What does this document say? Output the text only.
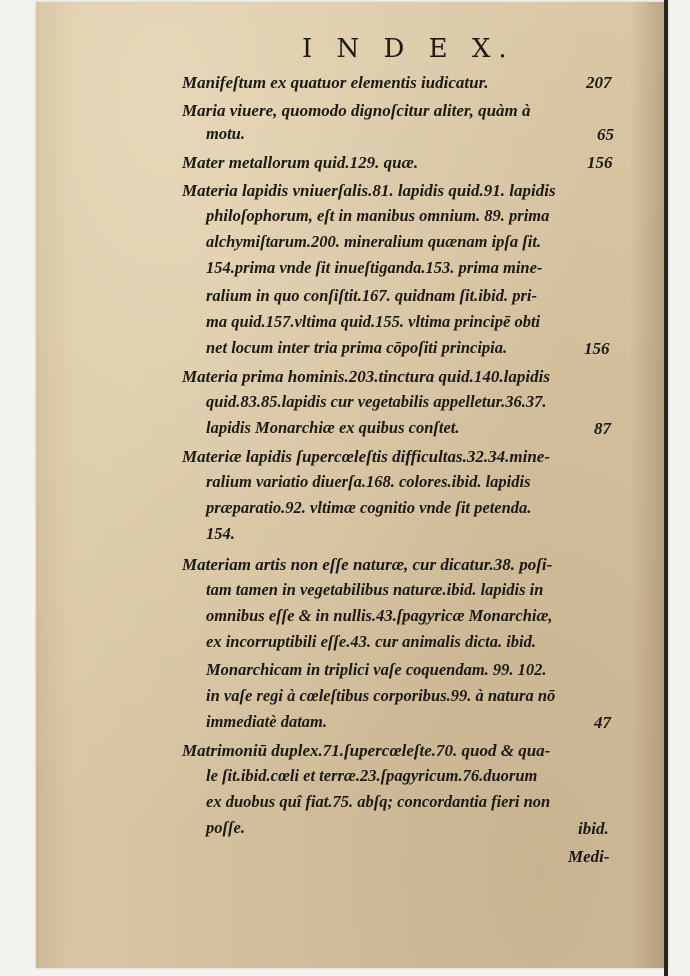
I N D E X.
Manifeſtum ex quatuor elementis iudicatur.	207
Maria viuere, quomodo dignoſcitur aliter, quàm à
motu.	65
Mater metallorum quid.129. quæ.	156
Materia lapidis vniuerſalis.81. lapidis quid.91. lapidis
philoſophorum, eſt in manibus omnium. 89. prima
alchymiſtarum.200. mineralium quænam ipſa ſit.
154.prima vnde ſit inueſtiganda.153. prima mine-
ralium in quo conſiſtit.167. quidnam ſit.ibid. pri-
ma quid.157.vltima quid.155. vltima principē obti
net locum inter tria prima cōpoſiti principia.	156
Materia prima hominis.203.tinctura quid.140.lapidis
quid.83.85.lapidis cur vegetabilis appelletur.36.37.
lapidis Monarchiæ ex quibus conſtet.	87
Materiæ lapidis ſupercœleſtis difficultas.32.34.mine-
ralium variatio diuerſa.168. colores.ibid. lapidis
præparatio.92. vltimæ cognitio vnde ſit petenda.
154.
Materiam artis non eſſe naturæ, cur dicatur.38. poſi-
tam tamen in vegetabilibus naturæ.ibid. lapidis in
omnibus eſſe & in nullis.43.ſpagyricæ Monarchiæ,
ex incorruptibili eſſe.43. cur animalis dicta. ibid.
Monarchicam in triplici vaſe coquendam. 99. 102.
in vaſe regi à cœleſtibus corporibus.99. à natura nō
immediatè datam.	47
Matrimoniū duplex.71.ſupercœleſte.70. quod & qua-
le ſit.ibid.cœli et terræ.23.ſpagyricum.76.duorum
ex duobus quî fiat.75. abſq; concordantia fieri non
poſſe.	ibid.
Medi-
